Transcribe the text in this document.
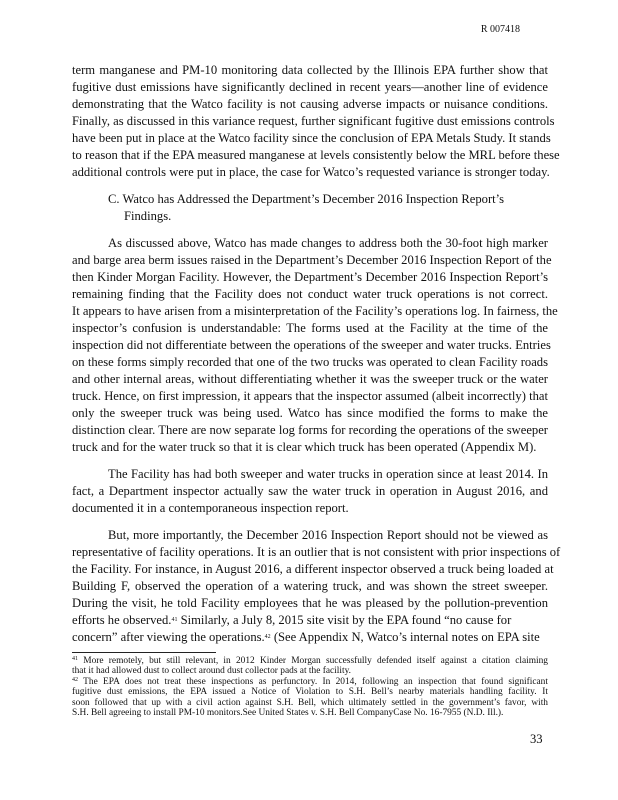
R 007418
term manganese and PM-10 monitoring data collected by the Illinois EPA further show that
fugitive dust emissions have significantly declined in recent years—another line of evidence
demonstrating that the Watco facility is not causing adverse impacts or nuisance conditions.
Finally, as discussed in this variance request, further significant fugitive dust emissions controls
have been put in place at the Watco facility since the conclusion of EPA Metals Study. It stands
to reason that if the EPA measured manganese at levels consistently below the MRL before these
additional controls were put in place, the case for Watco’s requested variance is stronger today.
C. Watco has Addressed the Department’s December 2016 Inspection Report’s
Findings.
As discussed above, Watco has made changes to address both the 30-foot high marker
and barge area berm issues raised in the Department’s December 2016 Inspection Report of the
then Kinder Morgan Facility. However, the Department’s December 2016 Inspection Report’s
remaining finding that the Facility does not conduct water truck operations is not correct.
It appears to have arisen from a misinterpretation of the Facility’s operations log. In fairness, the
inspector’s confusion is understandable: The forms used at the Facility at the time of the
inspection did not differentiate between the operations of the sweeper and water trucks. Entries
on these forms simply recorded that one of the two trucks was operated to clean Facility roads
and other internal areas, without differentiating whether it was the sweeper truck or the water
truck. Hence, on first impression, it appears that the inspector assumed (albeit incorrectly) that
only the sweeper truck was being used. Watco has since modified the forms to make the
distinction clear. There are now separate log forms for recording the operations of the sweeper
truck and for the water truck so that it is clear which truck has been operated (Appendix M).
The Facility has had both sweeper and water trucks in operation since at least 2014. In
fact, a Department inspector actually saw the water truck in operation in August 2016, and
documented it in a contemporaneous inspection report.
But, more importantly, the December 2016 Inspection Report should not be viewed as
representative of facility operations. It is an outlier that is not consistent with prior inspections of
the Facility. For instance, in August 2016, a different inspector observed a truck being loaded at
Building F, observed the operation of a watering truck, and was shown the street sweeper.
During the visit, he told Facility employees that he was pleased by the pollution-prevention
efforts he observed.$^{41}$ Similarly, a July 8, 2015 site visit by the EPA found “no cause for
concern” after viewing the operations.$^{42}$ (See Appendix N, Watco’s internal notes on EPA site
$^{41}$ More remotely, but still relevant, in 2012 Kinder Morgan successfully defended itself against a citation claiming
that it had allowed dust to collect around dust collector pads at the facility.
$^{42}$ The EPA does not treat these inspections as perfunctory. In 2014, following an inspection that found significant
fugitive dust emissions, the EPA issued a Notice of Violation to S.H. Bell’s nearby materials handling facility. It
soon followed that up with a civil action against S.H. Bell, which ultimately settled in the government’s favor, with
S.H. Bell agreeing to install PM-10 monitors.See United States v. S.H. Bell CompanyCase No. 16-7955 (N.D. Ill.).
33
